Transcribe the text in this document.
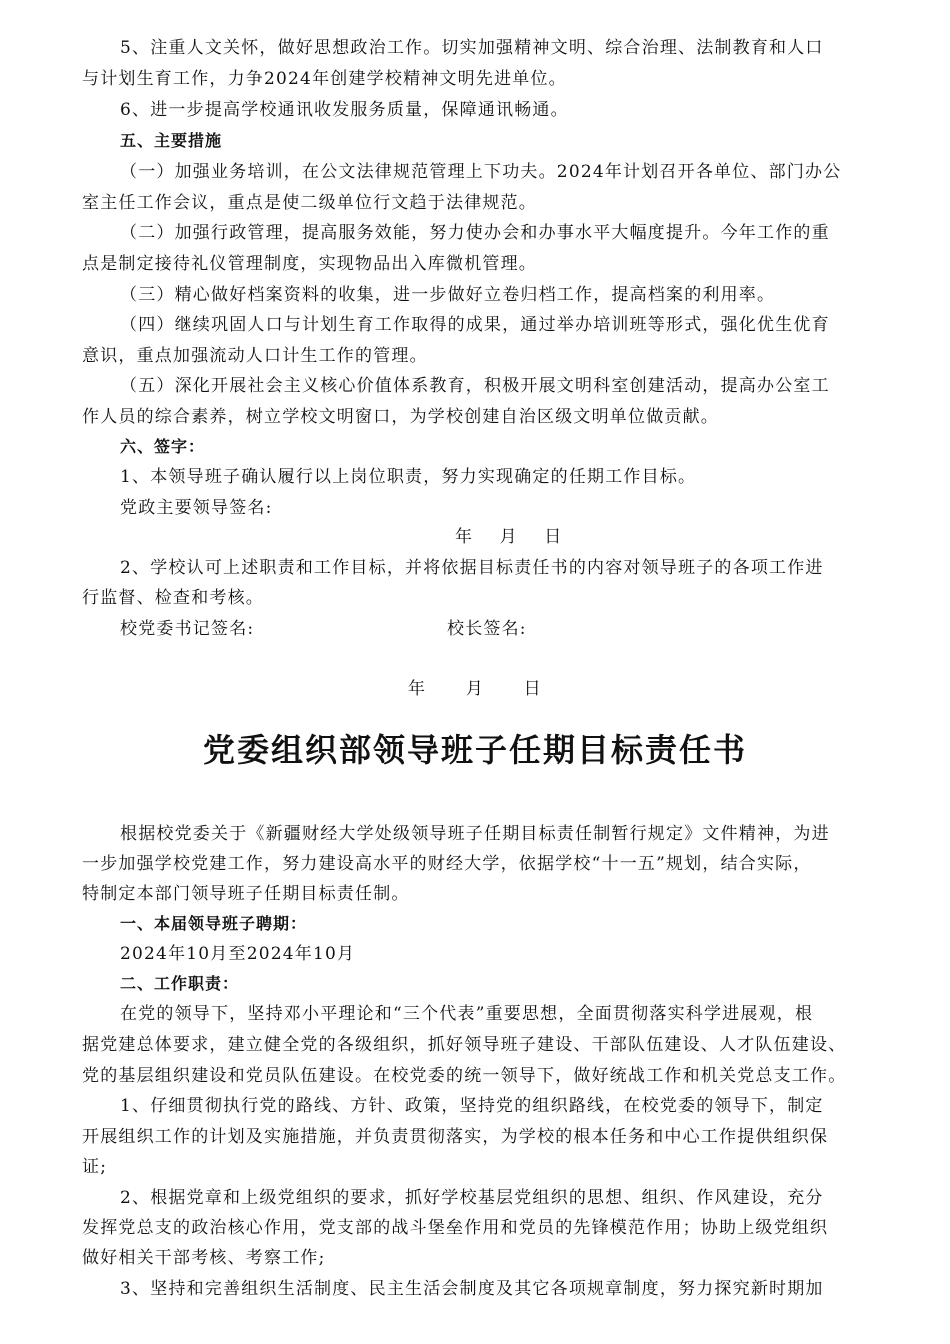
5、注重人文关怀，做好思想政治工作。切实加强精神文明、综合治理、法制教育和人口
与计划生育工作，力争2024年创建学校精神文明先进单位。
6、进一步提高学校通讯收发服务质量，保障通讯畅通。
五、主要措施
（一）加强业务培训，在公文法律规范管理上下功夫。2024年计划召开各单位、部门办公
室主任工作会议，重点是使二级单位行文趋于法律规范。
（二）加强行政管理，提高服务效能，努力使办会和办事水平大幅度提升。今年工作的重
点是制定接待礼仪管理制度，实现物品出入库微机管理。
（三）精心做好档案资料的收集，进一步做好立卷归档工作，提高档案的利用率。
（四）继续巩固人口与计划生育工作取得的成果，通过举办培训班等形式，强化优生优育
意识，重点加强流动人口计生工作的管理。
（五）深化开展社会主义核心价值体系教育，积极开展文明科室创建活动，提高办公室工
作人员的综合素养，树立学校文明窗口，为学校创建自治区级文明单位做贡献。
六、签字：
1、本领导班子确认履行以上岗位职责，努力实现确定的任期工作目标。
党政主要领导签名:
年    月    日
2、学校认可上述职责和工作目标，并将依据目标责任书的内容对领导班子的各项工作进
行监督、检查和考核。
校党委书记签名:	校长签名:
年      月      日
党委组织部领导班子任期目标责任书
根据校党委关于《新疆财经大学处级领导班子任期目标责任制暂行规定》文件精神，为进
一步加强学校党建工作，努力建设高水平的财经大学，依据学校“十一五”规划，结合实际，
特制定本部门领导班子任期目标责任制。
一、本届领导班子聘期：
2024年10月至2024年10月
二、工作职责：
在党的领导下，坚持邓小平理论和“三个代表”重要思想，全面贯彻落实科学进展观，根
据党建总体要求，建立健全党的各级组织，抓好领导班子建设、干部队伍建设、人才队伍建设、
党的基层组织建设和党员队伍建设。在校党委的统一领导下，做好统战工作和机关党总支工作。
1、仔细贯彻执行党的路线、方针、政策，坚持党的组织路线，在校党委的领导下，制定
开展组织工作的计划及实施措施，并负责贯彻落实，为学校的根本任务和中心工作提供组织保
证;
2、根据党章和上级党组织的要求，抓好学校基层党组织的思想、组织、作风建设，充分
发挥党总支的政治核心作用，党支部的战斗堡垒作用和党员的先锋模范作用；协助上级党组织
做好相关干部考核、考察工作;
3、坚持和完善组织生活制度、民主生活会制度及其它各项规章制度，努力探究新时期加
